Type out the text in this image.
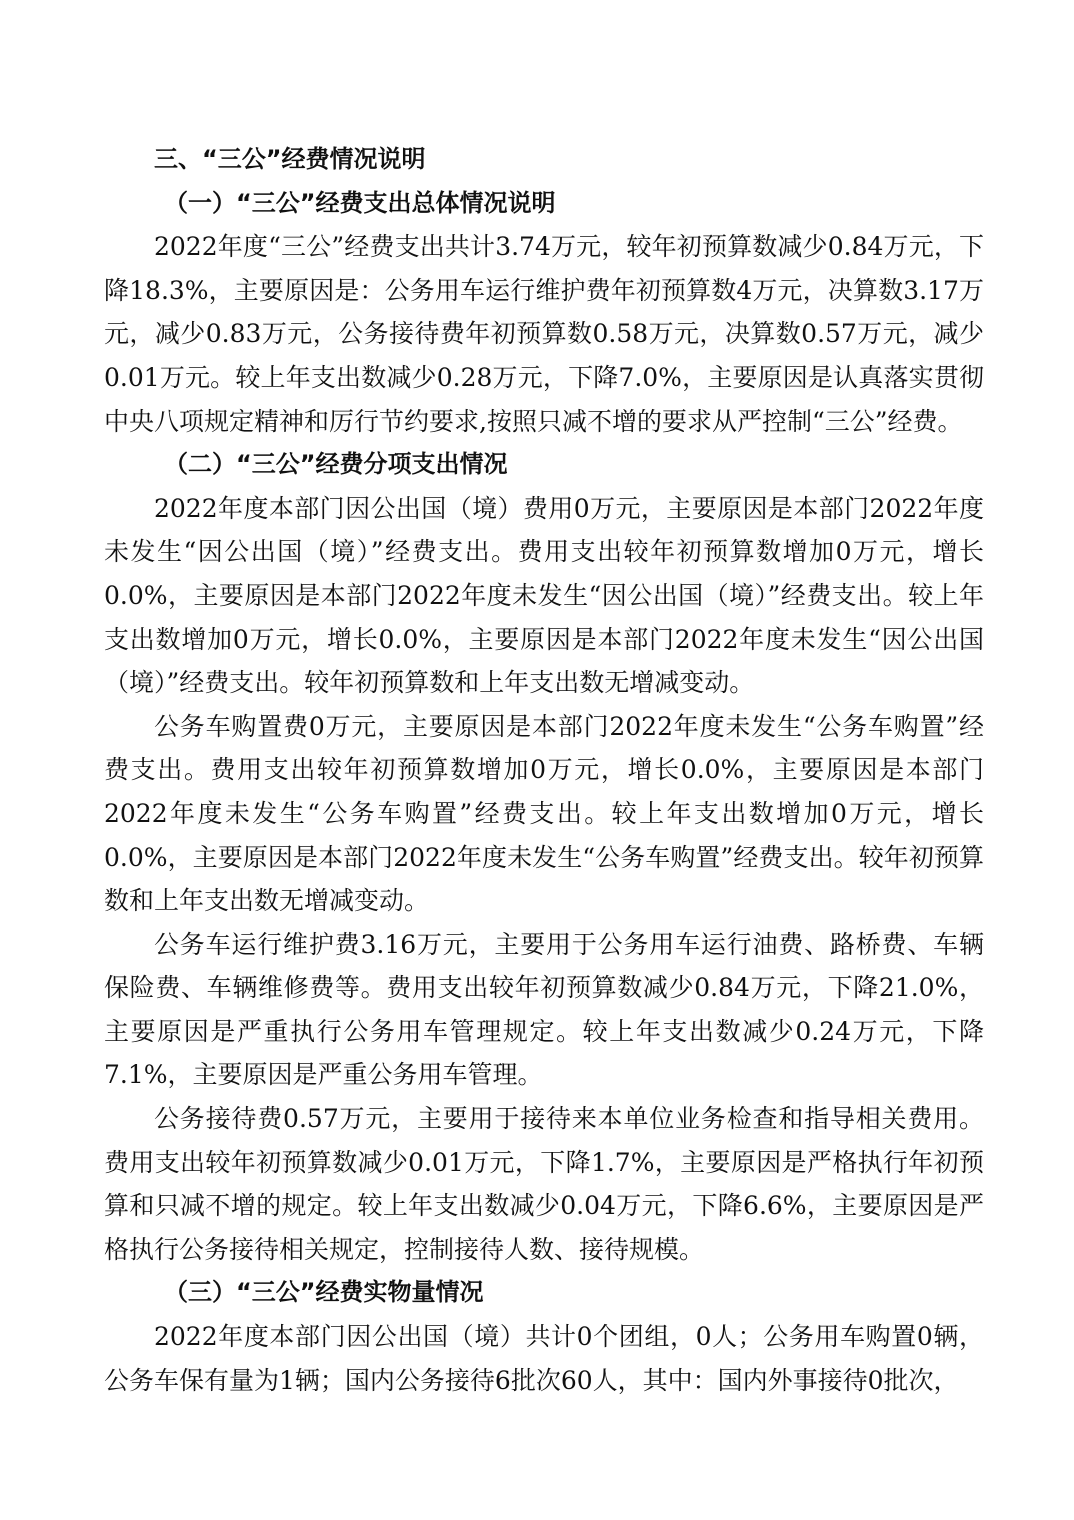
三、“三公”经费情况说明
（一）“三公”经费支出总体情况说明

2022年度“三公”经费支出共计3.74万元，较年初预算数减少0.84万元，下降18.3%，主要原因是：公务用车运行维护费年初预算数4万元，决算数3.17万元，减少0.83万元，公务接待费年初预算数0.58万元，决算数0.57万元，减少0.01万元。较上年支出数减少0.28万元，下降7.0%，主要原因是认真落实贯彻中央八项规定精神和厉行节约要求,按照只减不增的要求从严控制“三公”经费。

（二）“三公”经费分项支出情况

2022年度本部门因公出国（境）费用0万元，主要原因是本部门2022年度未发生“因公出国（境）”经费支出。费用支出较年初预算数增加0万元，增长0.0%，主要原因是本部门2022年度未发生“因公出国（境）”经费支出。较上年支出数增加0万元，增长0.0%，主要原因是本部门2022年度未发生“因公出国（境）”经费支出。较年初预算数和上年支出数无增减变动。

公务车购置费0万元，主要原因是本部门2022年度未发生“公务车购置”经费支出。费用支出较年初预算数增加0万元，增长0.0%，主要原因是本部门2022年度未发生“公务车购置”经费支出。较上年支出数增加0万元，增长0.0%，主要原因是本部门2022年度未发生“公务车购置”经费支出。较年初预算数和上年支出数无增减变动。

公务车运行维护费3.16万元，主要用于公务用车运行油费、路桥费、车辆保险费、车辆维修费等。费用支出较年初预算数减少0.84万元，下降21.0%，主要原因是严重执行公务用车管理规定。较上年支出数减少0.24万元，下降7.1%，主要原因是严重公务用车管理。

公务接待费0.57万元，主要用于接待来本单位业务检查和指导相关费用。费用支出较年初预算数减少0.01万元，下降1.7%，主要原因是严格执行年初预算和只减不增的规定。较上年支出数减少0.04万元，下降6.6%，主要原因是严格执行公务接待相关规定，控制接待人数、接待规模。

（三）“三公”经费实物量情况

2022年度本部门因公出国（境）共计0个团组，0人；公务用车购置0辆，公务车保有量为1辆；国内公务接待6批次60人，其中：国内外事接待0批次，
